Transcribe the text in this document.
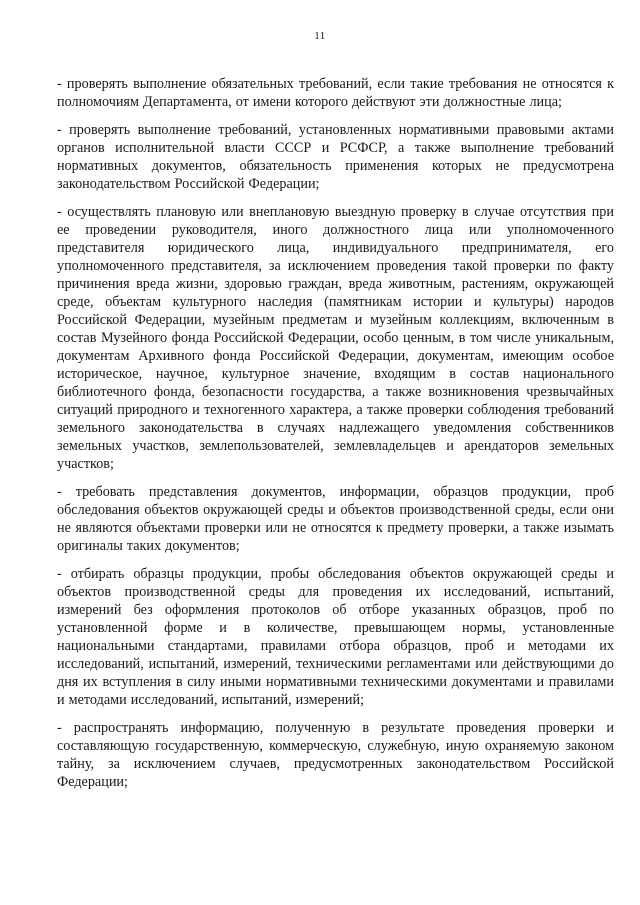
11

- проверять выполнение обязательных требований, если такие требования не относятся к полномочиям Департамента, от имени которого действуют эти должностные лица;

- проверять выполнение требований, установленных нормативными правовыми актами органов исполнительной власти СССР и РСФСР, а также выполнение требований нормативных документов, обязательность применения которых не предусмотрена законодательством Российской Федерации;

- осуществлять плановую или внеплановую выездную проверку в случае отсутствия при ее проведении руководителя, иного должностного лица или уполномоченного представителя юридического лица, индивидуального предпринимателя, его уполномоченного представителя, за исключением проведения такой проверки по факту причинения вреда жизни, здоровью граждан, вреда животным, растениям, окружающей среде, объектам культурного наследия (памятникам истории и культуры) народов Российской Федерации, музейным предметам и музейным коллекциям, включенным в состав Музейного фонда Российской Федерации, особо ценным, в том числе уникальным, документам Архивного фонда Российской Федерации, документам, имеющим особое историческое, научное, культурное значение, входящим в состав национального библиотечного фонда, безопасности государства, а также возникновения чрезвычайных ситуаций природного и техногенного характера, а также проверки соблюдения требований земельного законодательства в случаях надлежащего уведомления собственников земельных участков, землепользователей, землевладельцев и арендаторов земельных участков;

- требовать представления документов, информации, образцов продукции, проб обследования объектов окружающей среды и объектов производственной среды, если они не являются объектами проверки или не относятся к предмету проверки, а также изымать оригиналы таких документов;

- отбирать образцы продукции, пробы обследования объектов окружающей среды и объектов производственной среды для проведения их исследований, испытаний, измерений без оформления протоколов об отборе указанных образцов, проб по установленной форме и в количестве, превышающем нормы, установленные национальными стандартами, правилами отбора образцов, проб и методами их исследований, испытаний, измерений, техническими регламентами или действующими до дня их вступления в силу иными нормативными техническими документами и правилами и методами исследований, испытаний, измерений;

- распространять информацию, полученную в результате проведения проверки и составляющую государственную, коммерческую, служебную, иную охраняемую законом тайну, за исключением случаев, предусмотренных законодательством Российской Федерации;
